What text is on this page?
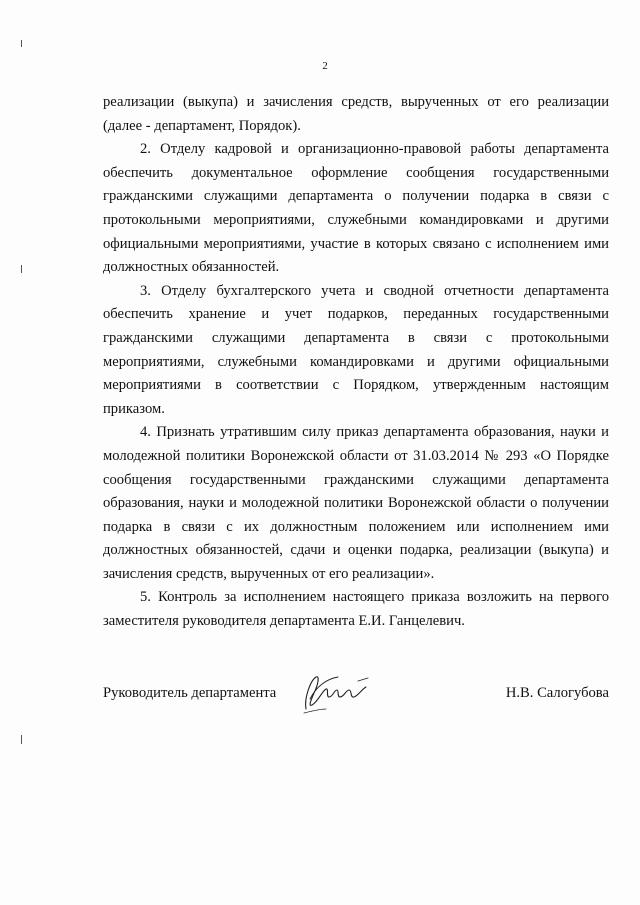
2

реализации (выкупа) и зачисления средств, вырученных от его реализации (далее - департамент, Порядок).

2. Отделу кадровой и организационно-правовой работы департамента обеспечить документальное оформление сообщения государственными гражданскими служащими департамента о получении подарка в связи с протокольными мероприятиями, служебными командировками и другими официальными мероприятиями, участие в которых связано с исполнением ими должностных обязанностей.

3. Отделу бухгалтерского учета и сводной отчетности департамента обеспечить хранение и учет подарков, переданных государственными гражданскими служащими департамента в связи с протокольными мероприятиями, служебными командировками и другими официальными мероприятиями в соответствии с Порядком, утвержденным настоящим приказом.

4. Признать утратившим силу приказ департамента образования, науки и молодежной политики Воронежской области от 31.03.2014 № 293 «О Порядке сообщения государственными гражданскими служащими департамента образования, науки и молодежной политики Воронежской области о получении подарка в связи с их должностным положением или исполнением ими должностных обязанностей, сдачи и оценки подарка, реализации (выкупа) и зачисления средств, вырученных от его реализации».

5. Контроль за исполнением настоящего приказа возложить на первого заместителя руководителя департамента Е.И. Ганцелевич.

Руководитель департамента	Н.В. Салогубова
